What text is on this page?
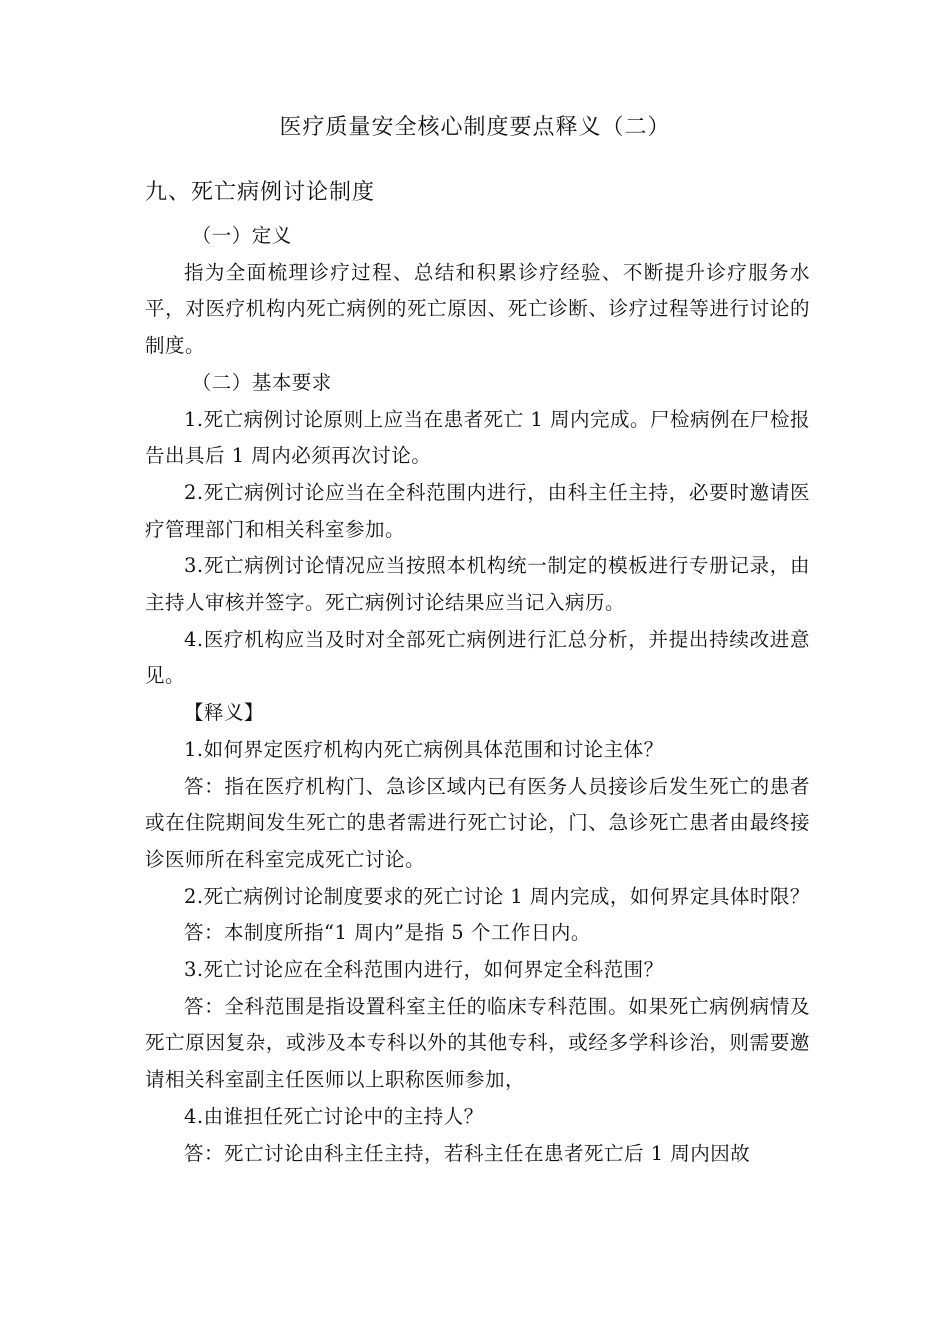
医疗质量安全核心制度要点释义（二）
九、死亡病例讨论制度

（一）定义

指为全面梳理诊疗过程、总结和积累诊疗经验、不断提升诊疗服务水平，对医疗机构内死亡病例的死亡原因、死亡诊断、诊疗过程等进行讨论的制度。

（二）基本要求

1.死亡病例讨论原则上应当在患者死亡 1 周内完成。尸检病例在尸检报告出具后 1 周内必须再次讨论。

2.死亡病例讨论应当在全科范围内进行，由科主任主持，必要时邀请医疗管理部门和相关科室参加。

3.死亡病例讨论情况应当按照本机构统一制定的模板进行专册记录，由主持人审核并签字。死亡病例讨论结果应当记入病历。

4.医疗机构应当及时对全部死亡病例进行汇总分析，并提出持续改进意见。

【释义】

1.如何界定医疗机构内死亡病例具体范围和讨论主体？

答：指在医疗机构门、急诊区域内已有医务人员接诊后发生死亡的患者或在住院期间发生死亡的患者需进行死亡讨论，门、急诊死亡患者由最终接诊医师所在科室完成死亡讨论。

2.死亡病例讨论制度要求的死亡讨论 1 周内完成，如何界定具体时限？

答：本制度所指“1 周内”是指 5 个工作日内。

3.死亡讨论应在全科范围内进行，如何界定全科范围？

答：全科范围是指设置科室主任的临床专科范围。如果死亡病例病情及死亡原因复杂，或涉及本专科以外的其他专科，或经多学科诊治，则需要邀请相关科室副主任医师以上职称医师参加，

4.由谁担任死亡讨论中的主持人？

答：死亡讨论由科主任主持，若科主任在患者死亡后 1 周内因故
